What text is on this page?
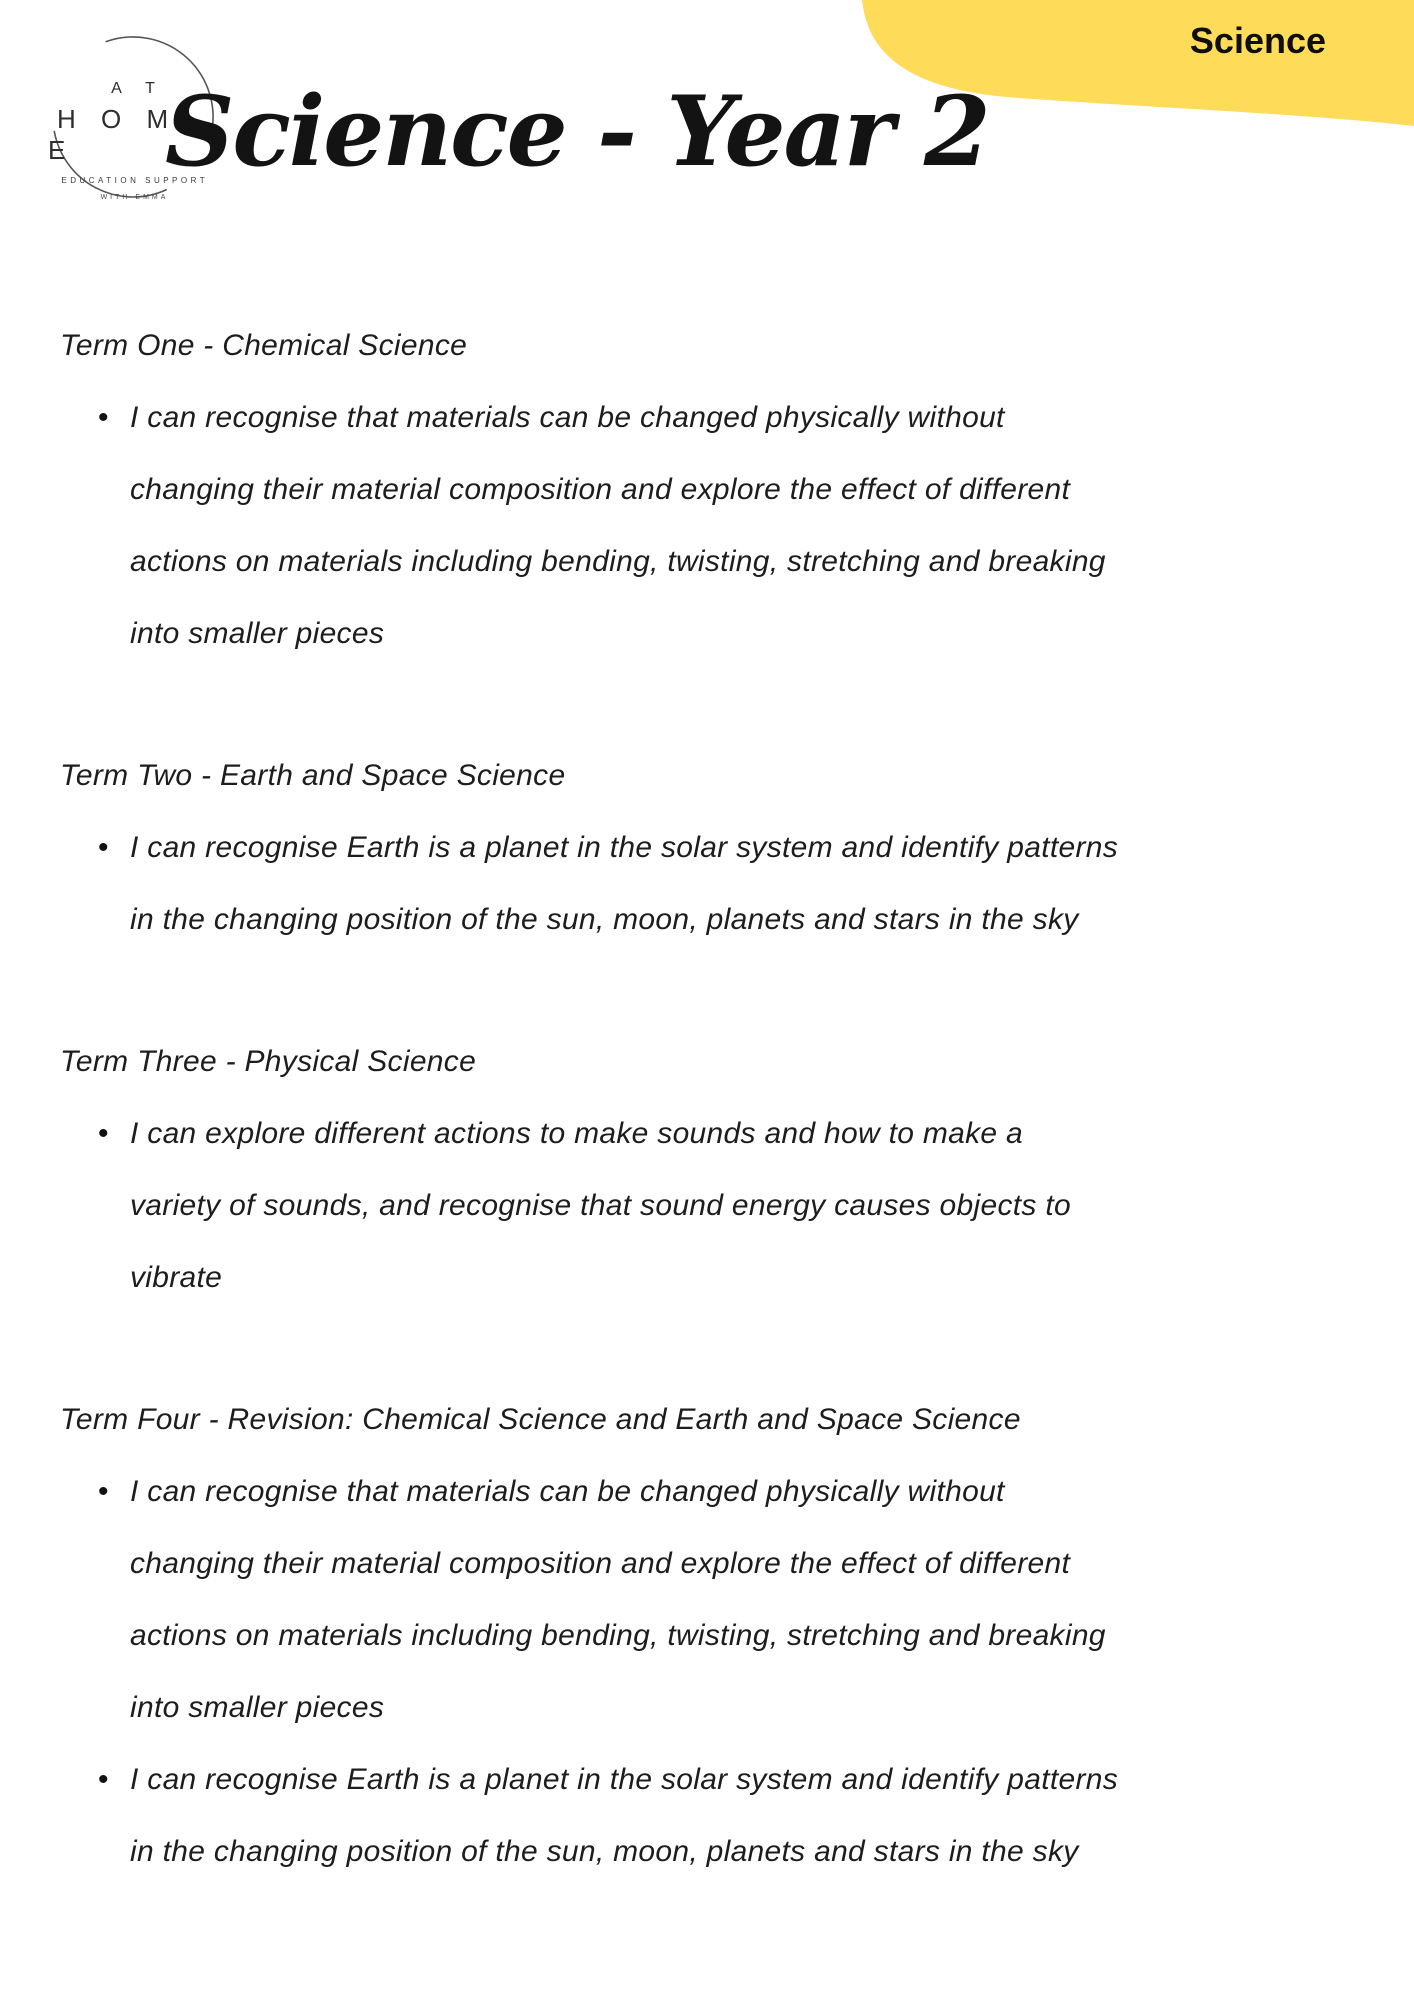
A T
H O M E
EDUCATION SUPPORT
WITH EMMA
Science
Science - Year 2
Term One - Chemical Science
• I can recognise that materials can be changed physically without changing their material composition and explore the effect of different actions on materials including bending, twisting, stretching and breaking into smaller pieces
Term Two - Earth and Space Science
• I can recognise Earth is a planet in the solar system and identify patterns in the changing position of the sun, moon, planets and stars in the sky
Term Three - Physical Science
• I can explore different actions to make sounds and how to make a variety of sounds, and recognise that sound energy causes objects to vibrate
Term Four - Revision: Chemical Science and Earth and Space Science
• I can recognise that materials can be changed physically without changing their material composition and explore the effect of different actions on materials including bending, twisting, stretching and breaking into smaller pieces
• I can recognise Earth is a planet in the solar system and identify patterns in the changing position of the sun, moon, planets and stars in the sky
